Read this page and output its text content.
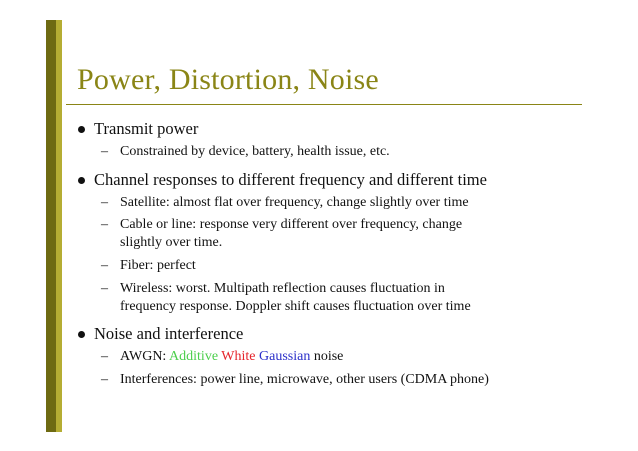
Power, Distortion, Noise
Transmit power
– Constrained by device, battery, health issue, etc.
Channel responses to different frequency and different time
– Satellite: almost flat over frequency, change slightly over time
– Cable or line: response very different over frequency, change
slightly over time.
– Fiber: perfect
– Wireless: worst. Multipath reflection causes fluctuation in
frequency response. Doppler shift causes fluctuation over time
Noise and interference
– AWGN: Additive White Gaussian noise
– Interferences: power line, microwave, other users (CDMA phone)
